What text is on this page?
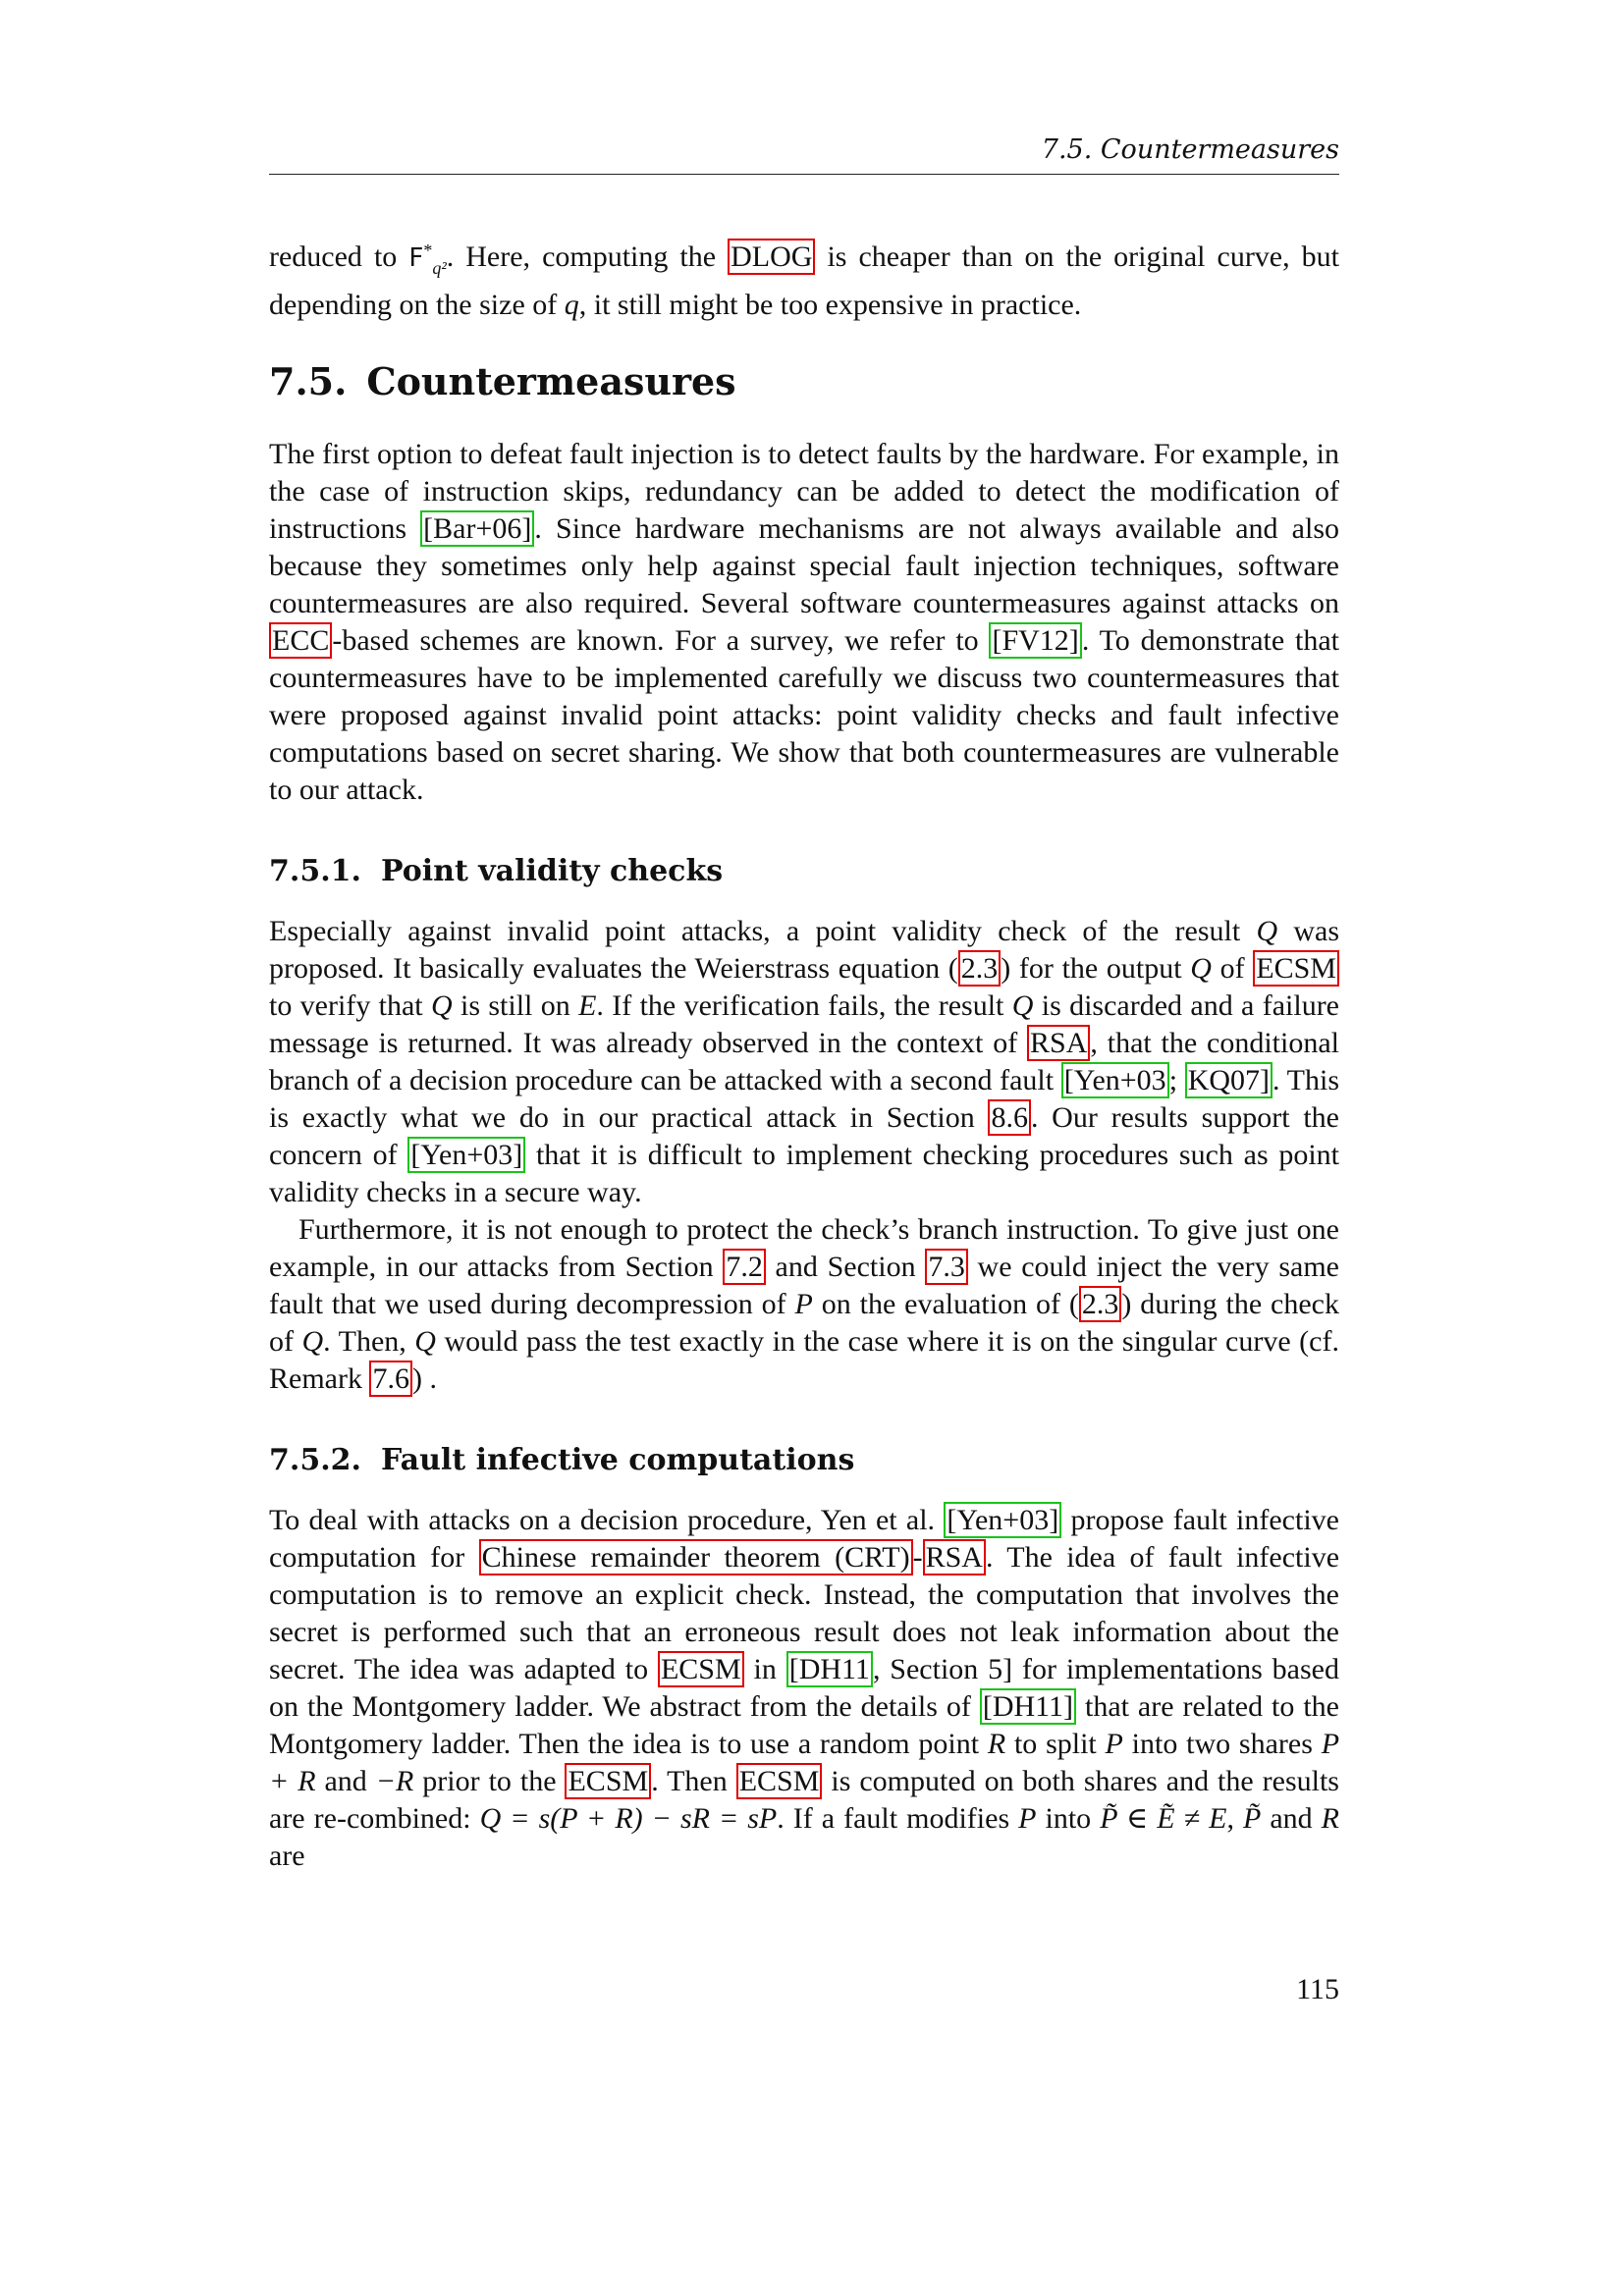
7.5. Countermeasures

reduced to $F^*_{q^2}$. Here, computing the DLOG is cheaper than on the original curve, but depending on the size of q, it still might be too expensive in practice.

7.5. Countermeasures

The first option to defeat fault injection is to detect faults by the hardware. For example, in the case of instruction skips, redundancy can be added to detect the modification of instructions [Bar+06] . Since hardware mechanisms are not always available and also because they sometimes only help against special fault injection techniques, software countermeasures are also required. Several software countermeasures against attacks on ECC -based schemes are known. For a survey, we refer to [FV12] . To demonstrate that countermeasures have to be implemented carefully we discuss two countermeasures that were proposed against invalid point attacks: point validity checks and fault infective computations based on secret sharing. We show that both countermeasures are vulnerable to our attack.

7.5.1. Point validity checks

Especially against invalid point attacks, a point validity check of the result Q was proposed. It basically evaluates the Weierstrass equation ( 2.3 ) for the output Q of ECSM to verify that Q is still on E. If the verification fails, the result Q is discarded and a failure message is returned. It was already observed in the context of RSA , that the conditional branch of a decision procedure can be attacked with a second fault [Yen+03 ; KQ07] . This is exactly what we do in our practical attack in Section 8.6 . Our results support the concern of [Yen+03] that it is difficult to implement checking procedures such as point validity checks in a secure way.

Furthermore, it is not enough to protect the check’s branch instruction. To give just one example, in our attacks from Section 7.2 and Section 7.3 we could inject the very same fault that we used during decompression of P on the evaluation of ( 2.3 ) during the check of Q. Then, Q would pass the test exactly in the case where it is on the singular curve (cf. Remark 7.6 ) .

7.5.2. Fault infective computations

To deal with attacks on a decision procedure, Yen et al. [Yen+03] propose fault infective computation for Chinese remainder theorem (CRT) - RSA . The idea of fault infective computation is to remove an explicit check. Instead, the computation that involves the secret is performed such that an erroneous result does not leak information about the secret. The idea was adapted to ECSM in [DH11 , Section 5] for implementations based on the Montgomery ladder. We abstract from the details of [DH11] that are related to the Montgomery ladder. Then the idea is to use a random point R to split P into two shares P + R and −R prior to the ECSM . Then ECSM is computed on both shares and the results are re-combined: Q = s(P + R) − sR = sP. If a fault modifies P into P̃ ∈ Ẽ ≠ E, P̃ and R are

115
